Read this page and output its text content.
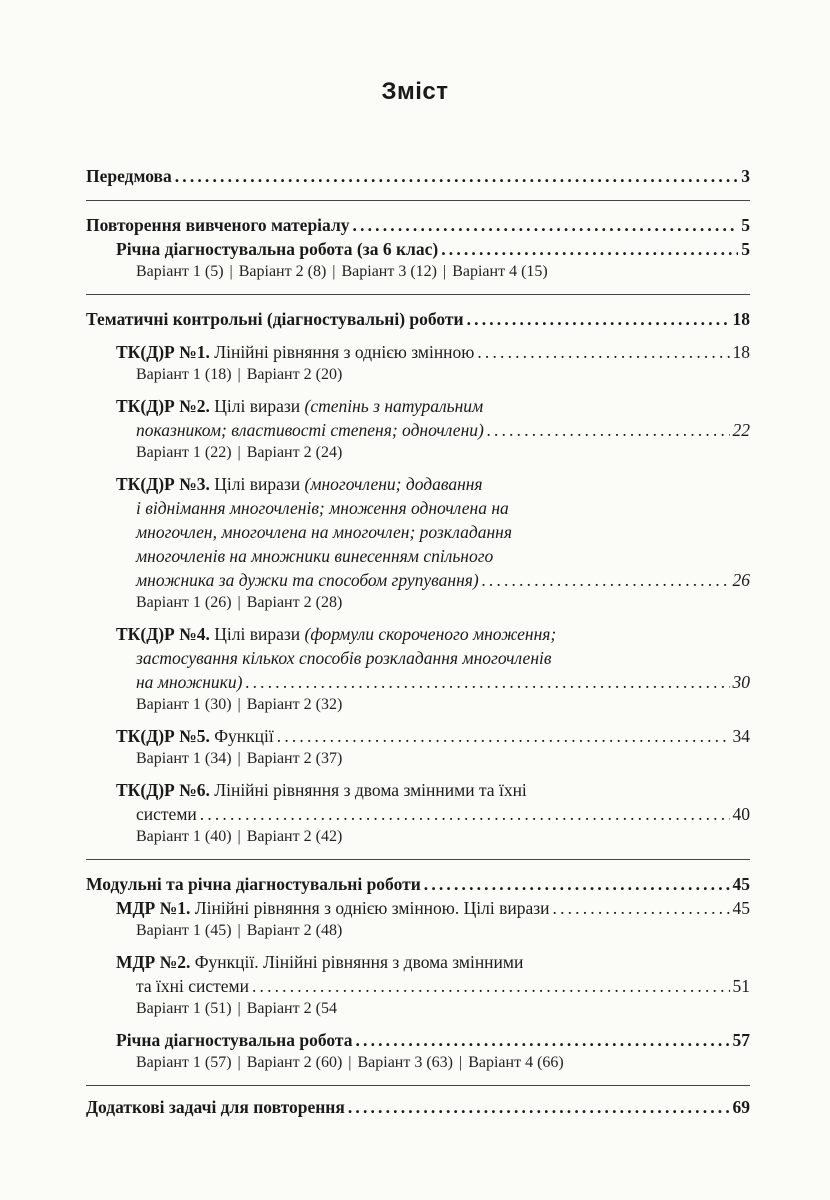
Зміст
Передмова . . .	3
Повторення вивченого матеріалу . . .	5
Річна діагностувальна робота (за 6 клас) . . .	5
Варіант 1 (5) | Варіант 2 (8) | Варіант 3 (12) | Варіант 4 (15)
Тематичні контрольні (діагностувальні) роботи . . .	18
ТК(Д)Р №1. Лінійні рівняння з однією змінною . . .	18
Варіант 1 (18) | Варіант 2 (20)
ТК(Д)Р №2. Цілі вирази (степінь з натуральним
показником; властивості степеня; одночлени) . . .	22
Варіант 1 (22) | Варіант 2 (24)
ТК(Д)Р №3. Цілі вирази (многочлени; додавання
і віднімання многочленів; множення одночлена на
многочлен, многочлена на многочлен; розкладання
многочленів на множники винесенням спільного
множника за дужки та способом групування) . . .	26
Варіант 1 (26) | Варіант 2 (28)
ТК(Д)Р №4. Цілі вирази (формули скороченого множення;
застосування кількох способів розкладання многочленів
на множники) . . .	30
Варіант 1 (30) | Варіант 2 (32)
ТК(Д)Р №5. Функції . . .	34
Варіант 1 (34) | Варіант 2 (37)
ТК(Д)Р №6. Лінійні рівняння з двома змінними та їхні
системи . . .	40
Варіант 1 (40) | Варіант 2 (42)
Модульні та річна діагностувальні роботи . . .	45
МДР №1. Лінійні рівняння з однією змінною. Цілі вирази . . .	45
Варіант 1 (45) | Варіант 2 (48)
МДР №2. Функції. Лінійні рівняння з двома змінними
та їхні системи . . .	51
Варіант 1 (51) | Варіант 2 (54
Річна діагностувальна робота . . .	57
Варіант 1 (57) | Варіант 2 (60) | Варіант 3 (63) | Варіант 4 (66)
Додаткові задачі для повторення . . .	69
